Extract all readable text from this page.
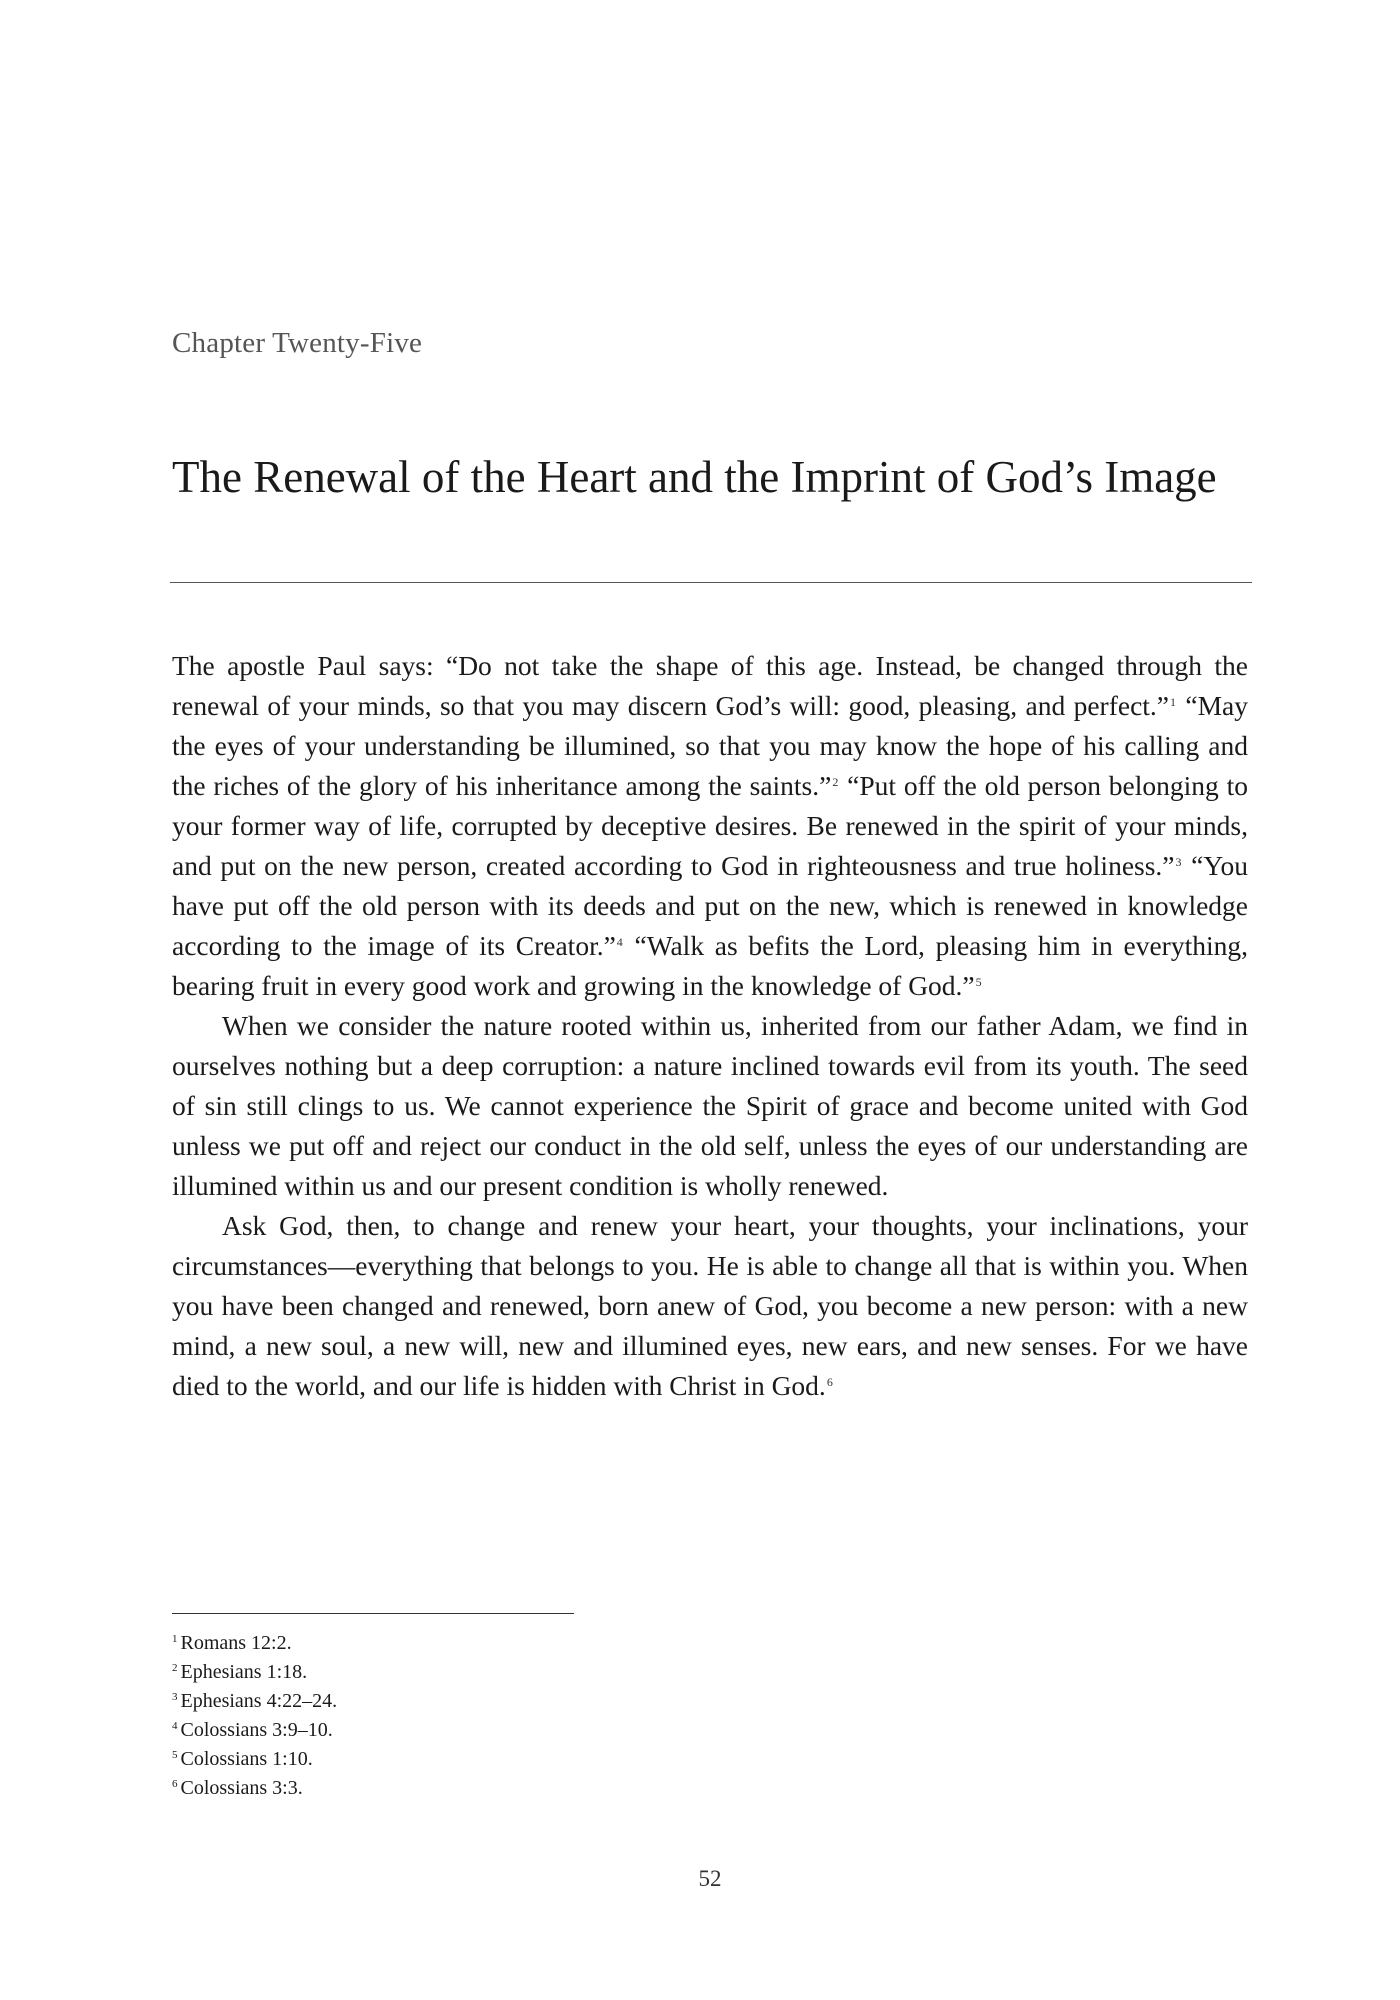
Chapter Twenty-Five
The Renewal of the Heart and the Imprint of God’s Image

The apostle Paul says: “Do not take the shape of this age. Instead, be changed through the renewal of your minds, so that you may discern God’s will: good, pleasing, and perfect.”$^1$ “May the eyes of your understanding be illumined, so that you may know the hope of his calling and the riches of the glory of his inheritance among the saints.”$^2$ “Put off the old person belonging to your former way of life, corrupted by deceptive desires. Be renewed in the spirit of your minds, and put on the new person, created according to God in righteousness and true holiness.”$^3$ “You have put off the old person with its deeds and put on the new, which is renewed in knowledge according to the image of its Creator.”$^4$ “Walk as befits the Lord, pleasing him in everything, bearing fruit in every good work and growing in the knowledge of God.”$^5$

When we consider the nature rooted within us, inherited from our father Adam, we find in ourselves nothing but a deep corruption: a nature inclined towards evil from its youth. The seed of sin still clings to us. We cannot experience the Spirit of grace and become united with God unless we put off and reject our conduct in the old self, unless the eyes of our understanding are illumined within us and our present condition is wholly renewed.

Ask God, then, to change and renew your heart, your thoughts, your inclinations, your circumstances—everything that belongs to you. He is able to change all that is within you. When you have been changed and renewed, born anew of God, you become a new person: with a new mind, a new soul, a new will, new and illumined eyes, new ears, and new senses. For we have died to the world, and our life is hidden with Christ in God.$^6$

$^1$ Romans 12:2.
$^2$ Ephesians 1:18.
$^3$ Ephesians 4:22–24.
$^4$ Colossians 3:9–10.
$^5$ Colossians 1:10.
$^6$ Colossians 3:3.
52
